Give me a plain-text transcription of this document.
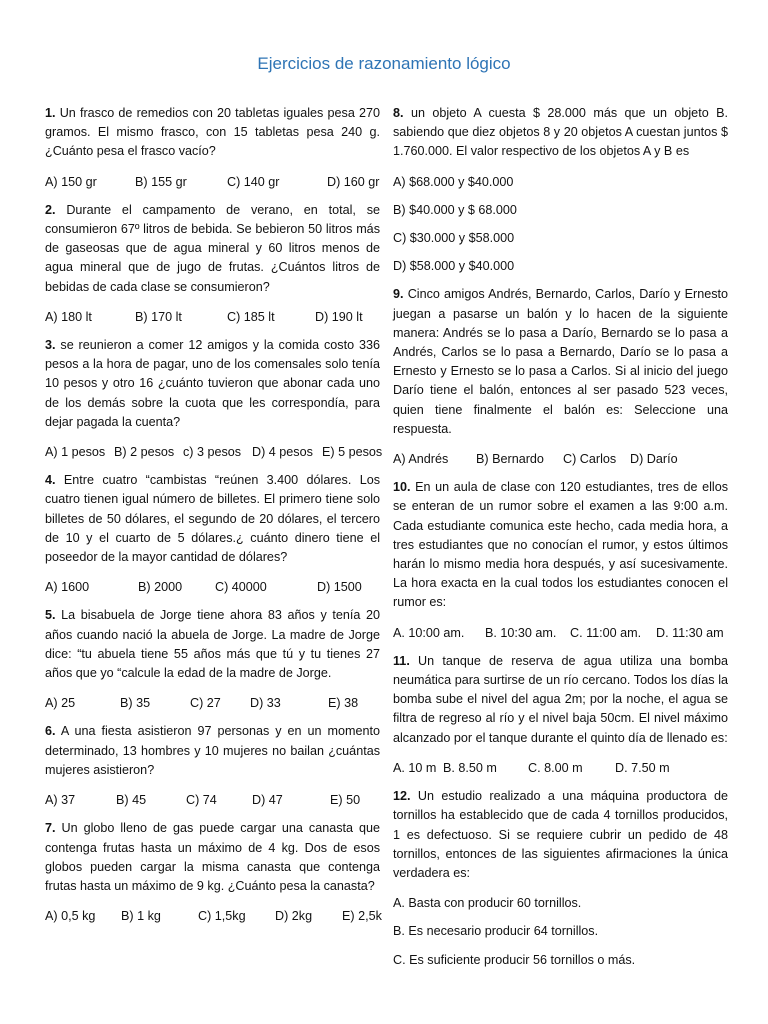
Ejercicios de razonamiento lógico

1. Un frasco de remedios con 20 tabletas iguales pesa 270 gramos. El mismo frasco, con 15 tabletas pesa 240 g. ¿Cuánto pesa el frasco vacío?

A) 150 gr	B) 155 gr	C) 140 gr	D) 160 gr

2. Durante el campamento de verano, en total, se consumieron 67º litros de bebida. Se bebieron 50 litros más de gaseosas que de agua mineral y 60 litros menos de agua mineral que de jugo de frutas. ¿Cuántos litros de bebidas de cada clase se consumieron?

A) 180 lt	B) 170 lt	C) 185 lt	D) 190 lt

3. se reunieron a comer 12 amigos y la comida costo 336 pesos a la hora de pagar, uno de los comensales solo tenía 10 pesos y otro 16 ¿cuánto tuvieron que abonar cada uno de los demás sobre la cuota que les correspondía, para dejar pagada la cuenta?

A) 1 pesos B) 2 pesos c) 3 pesos D) 4 pesos E) 5 pesos

4. Entre cuatro “cambistas “reúnen 3.400 dólares. Los cuatro tienen igual número de billetes. El primero tiene solo billetes de 50 dólares, el segundo de 20 dólares, el tercero de 10 y el cuarto de 5 dólares.¿ cuánto dinero tiene el poseedor de la mayor cantidad de dólares?

A) 1600	B) 2000	C) 40000	D) 1500

5. La bisabuela de Jorge tiene ahora 83 años y tenía 20 años cuando nació la abuela de Jorge. La madre de Jorge dice: “tu abuela tiene 55 años más que tú y tu tienes 27 años que yo “calcule la edad de la madre de Jorge.

A) 25	B) 35	C) 27 D) 33	E) 38

6. A una fiesta asistieron 97 personas y en un momento determinado, 13 hombres y 10 mujeres no bailan ¿cuántas mujeres asistieron?

A) 37	B) 45	C) 74	D) 47	E) 50

7. Un globo lleno de gas puede cargar una canasta que contenga frutas hasta un máximo de 4 kg. Dos de esos globos pueden cargar la misma canasta que contenga frutas hasta un máximo de 9 kg. ¿Cuánto pesa la canasta?

A) 0,5 kg B) 1 kg	C) 1,5kg D) 2kg E) 2,5k

8. un objeto A cuesta $ 28.000 más que un objeto B. sabiendo que diez objetos 8 y 20 objetos A cuestan juntos $ 1.760.000. El valor respectivo de los objetos A y B es

A) $68.000 y $40.000
B) $40.000 y $ 68.000
C) $30.000 y $58.000
D) $58.000 y $40.000

9. Cinco amigos Andrés, Bernardo, Carlos, Darío y Ernesto juegan a pasarse un balón y lo hacen de la siguiente manera: Andrés se lo pasa a Darío, Bernardo se lo pasa a Andrés, Carlos se lo pasa a Bernardo, Darío se lo pasa a Ernesto y Ernesto se lo pasa a Carlos. Si al inicio del juego Darío tiene el balón, entonces al ser pasado 523 veces, quien tiene finalmente el balón es: Seleccione una respuesta.

A) Andrés B) Bernardo C) Carlos D) Darío

10. En un aula de clase con 120 estudiantes, tres de ellos se enteran de un rumor sobre el examen a las 9:00 a.m. Cada estudiante comunica este hecho, cada media hora, a tres estudiantes que no conocían el rumor, y estos últimos harán lo mismo media hora después, y así sucesivamente. La hora exacta en la cual todos los estudiantes conocen el rumor es:

A. 10:00 am. B. 10:30 am. C. 11:00 am. D. 11:30 am

11. Un tanque de reserva de agua utiliza una bomba neumática para surtirse de un río cercano. Todos los días la bomba sube el nivel del agua 2m; por la noche, el agua se filtra de regreso al río y el nivel baja 50cm. El nivel máximo alcanzado por el tanque durante el quinto día de llenado es:

A. 10 m B. 8.50 m C. 8.00 m	D. 7.50 m

12. Un estudio realizado a una máquina productora de tornillos ha establecido que de cada 4 tornillos producidos, 1 es defectuoso. Si se requiere cubrir un pedido de 48 tornillos, entonces de las siguientes afirmaciones la única verdadera es:

A. Basta con producir 60 tornillos.
B. Es necesario producir 64 tornillos.
C. Es suficiente producir 56 tornillos o más.
